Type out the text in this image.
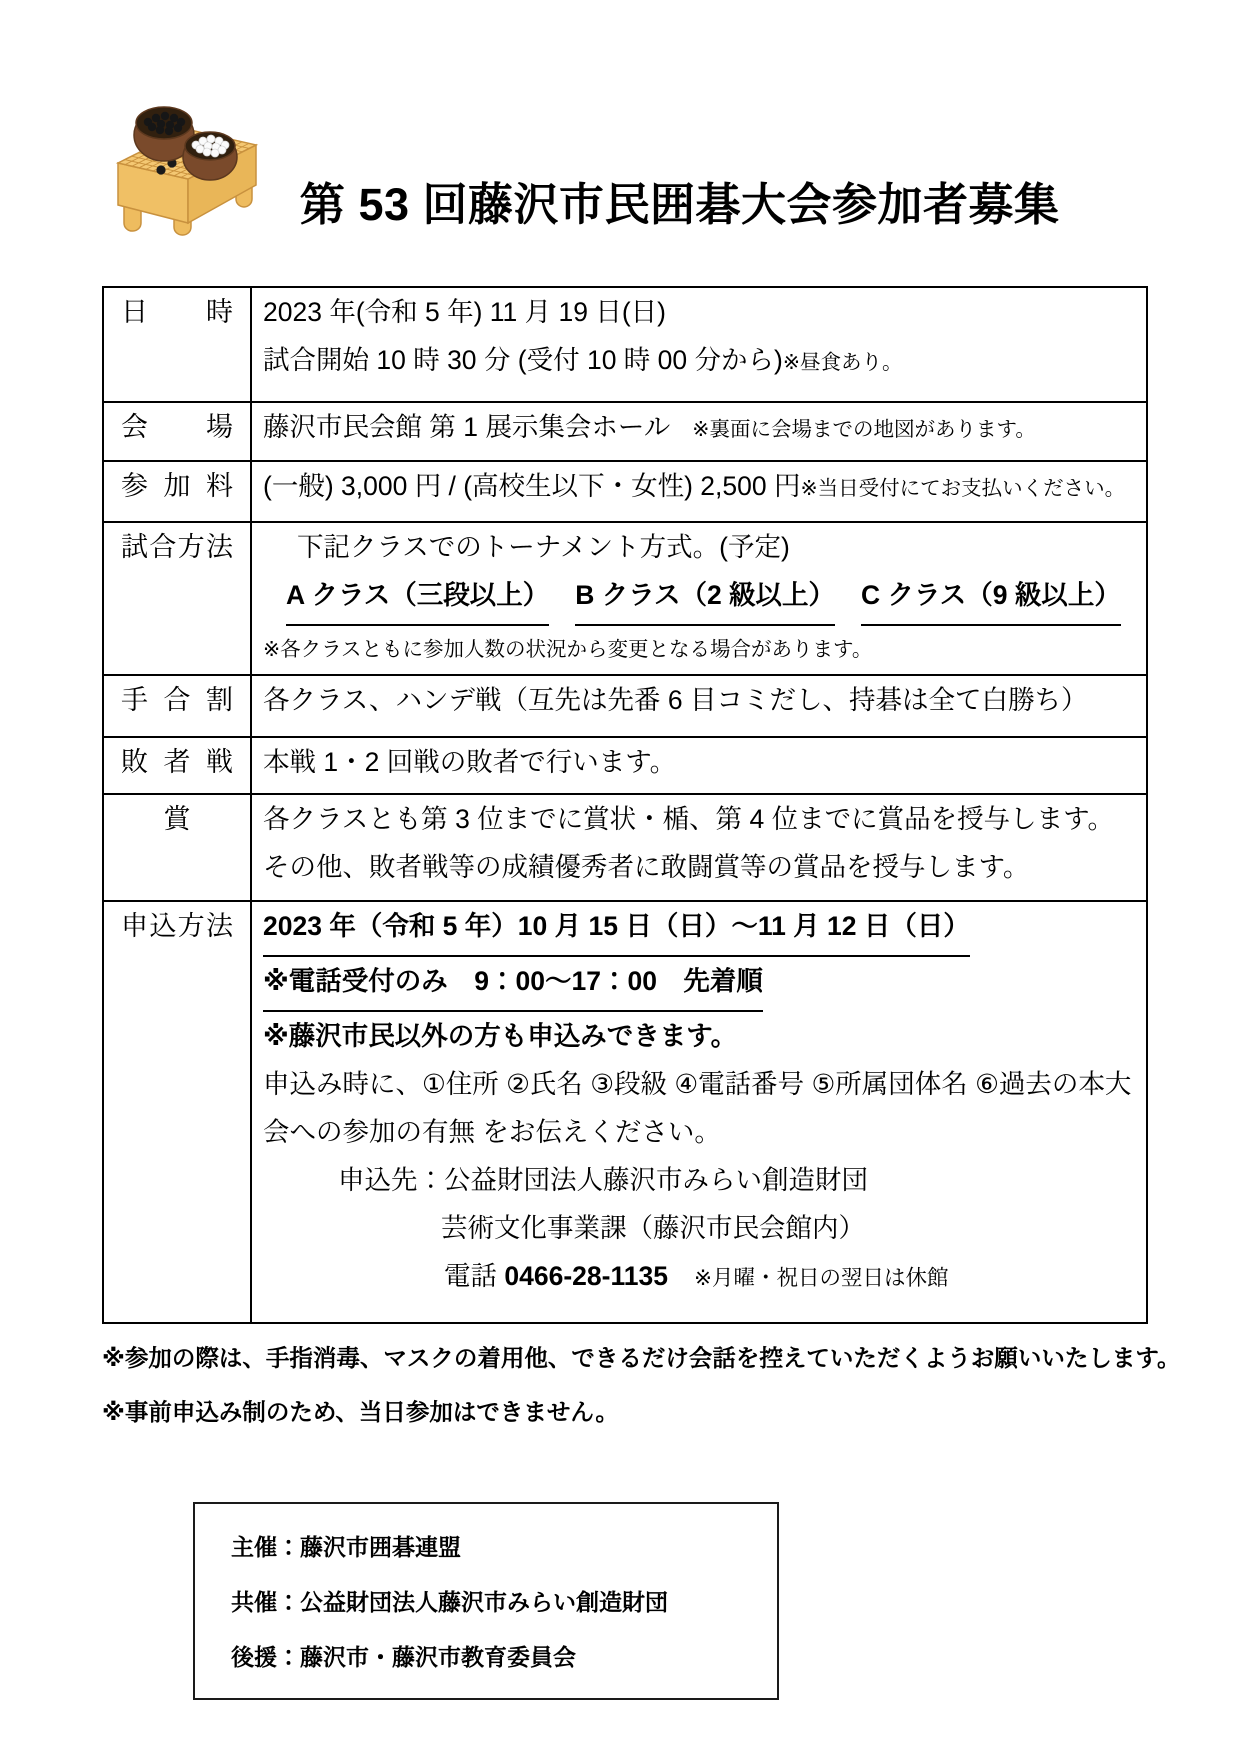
第 53 回藤沢市民囲碁大会参加者募集
日時	2023 年(令和 5 年) 11 月 19 日(日)
試合開始 10 時 30 分 (受付 10 時 00 分から)※昼食あり。

会場	藤沢市民会館 第 1 展示集会ホール ※裏面に会場までの地図があります。

参加料	(一般) 3,000 円 / (高校生以下・女性) 2,500 円※当日受付にてお支払いください。

試合方法	下記クラスでのトーナメント方式。(予定)
A クラス（三段以上） B クラス（2 級以上） C クラス（9 級以上）
※各クラスともに参加人数の状況から変更となる場合があります。

手合割	各クラス、ハンデ戦（互先は先番 6 目コミだし、持碁は全て白勝ち）

敗者戦	本戦 1・2 回戦の敗者で行います。

賞	各クラスとも第 3 位までに賞状・楯、第 4 位までに賞品を授与します。
その他、敗者戦等の成績優秀者に敢闘賞等の賞品を授与します。

申込方法	2023 年（令和 5 年）10 月 15 日（日）～11 月 12 日（日）
※電話受付のみ　9：00～17：00　先着順
※藤沢市民以外の方も申込みできます。
申込み時に、①住所 ②氏名 ③段級 ④電話番号 ⑤所属団体名 ⑥過去の本大
会への参加の有無 をお伝えください。
申込先：公益財団法人藤沢市みらい創造財団
芸術文化事業課（藤沢市民会館内）
電話 0466-28-1135 ※月曜・祝日の翌日は休館
※参加の際は、手指消毒、マスクの着用他、できるだけ会話を控えていただくようお願いいたします。
※事前申込み制のため、当日参加はできません。
主催：藤沢市囲碁連盟
共催：公益財団法人藤沢市みらい創造財団
後援：藤沢市・藤沢市教育委員会
